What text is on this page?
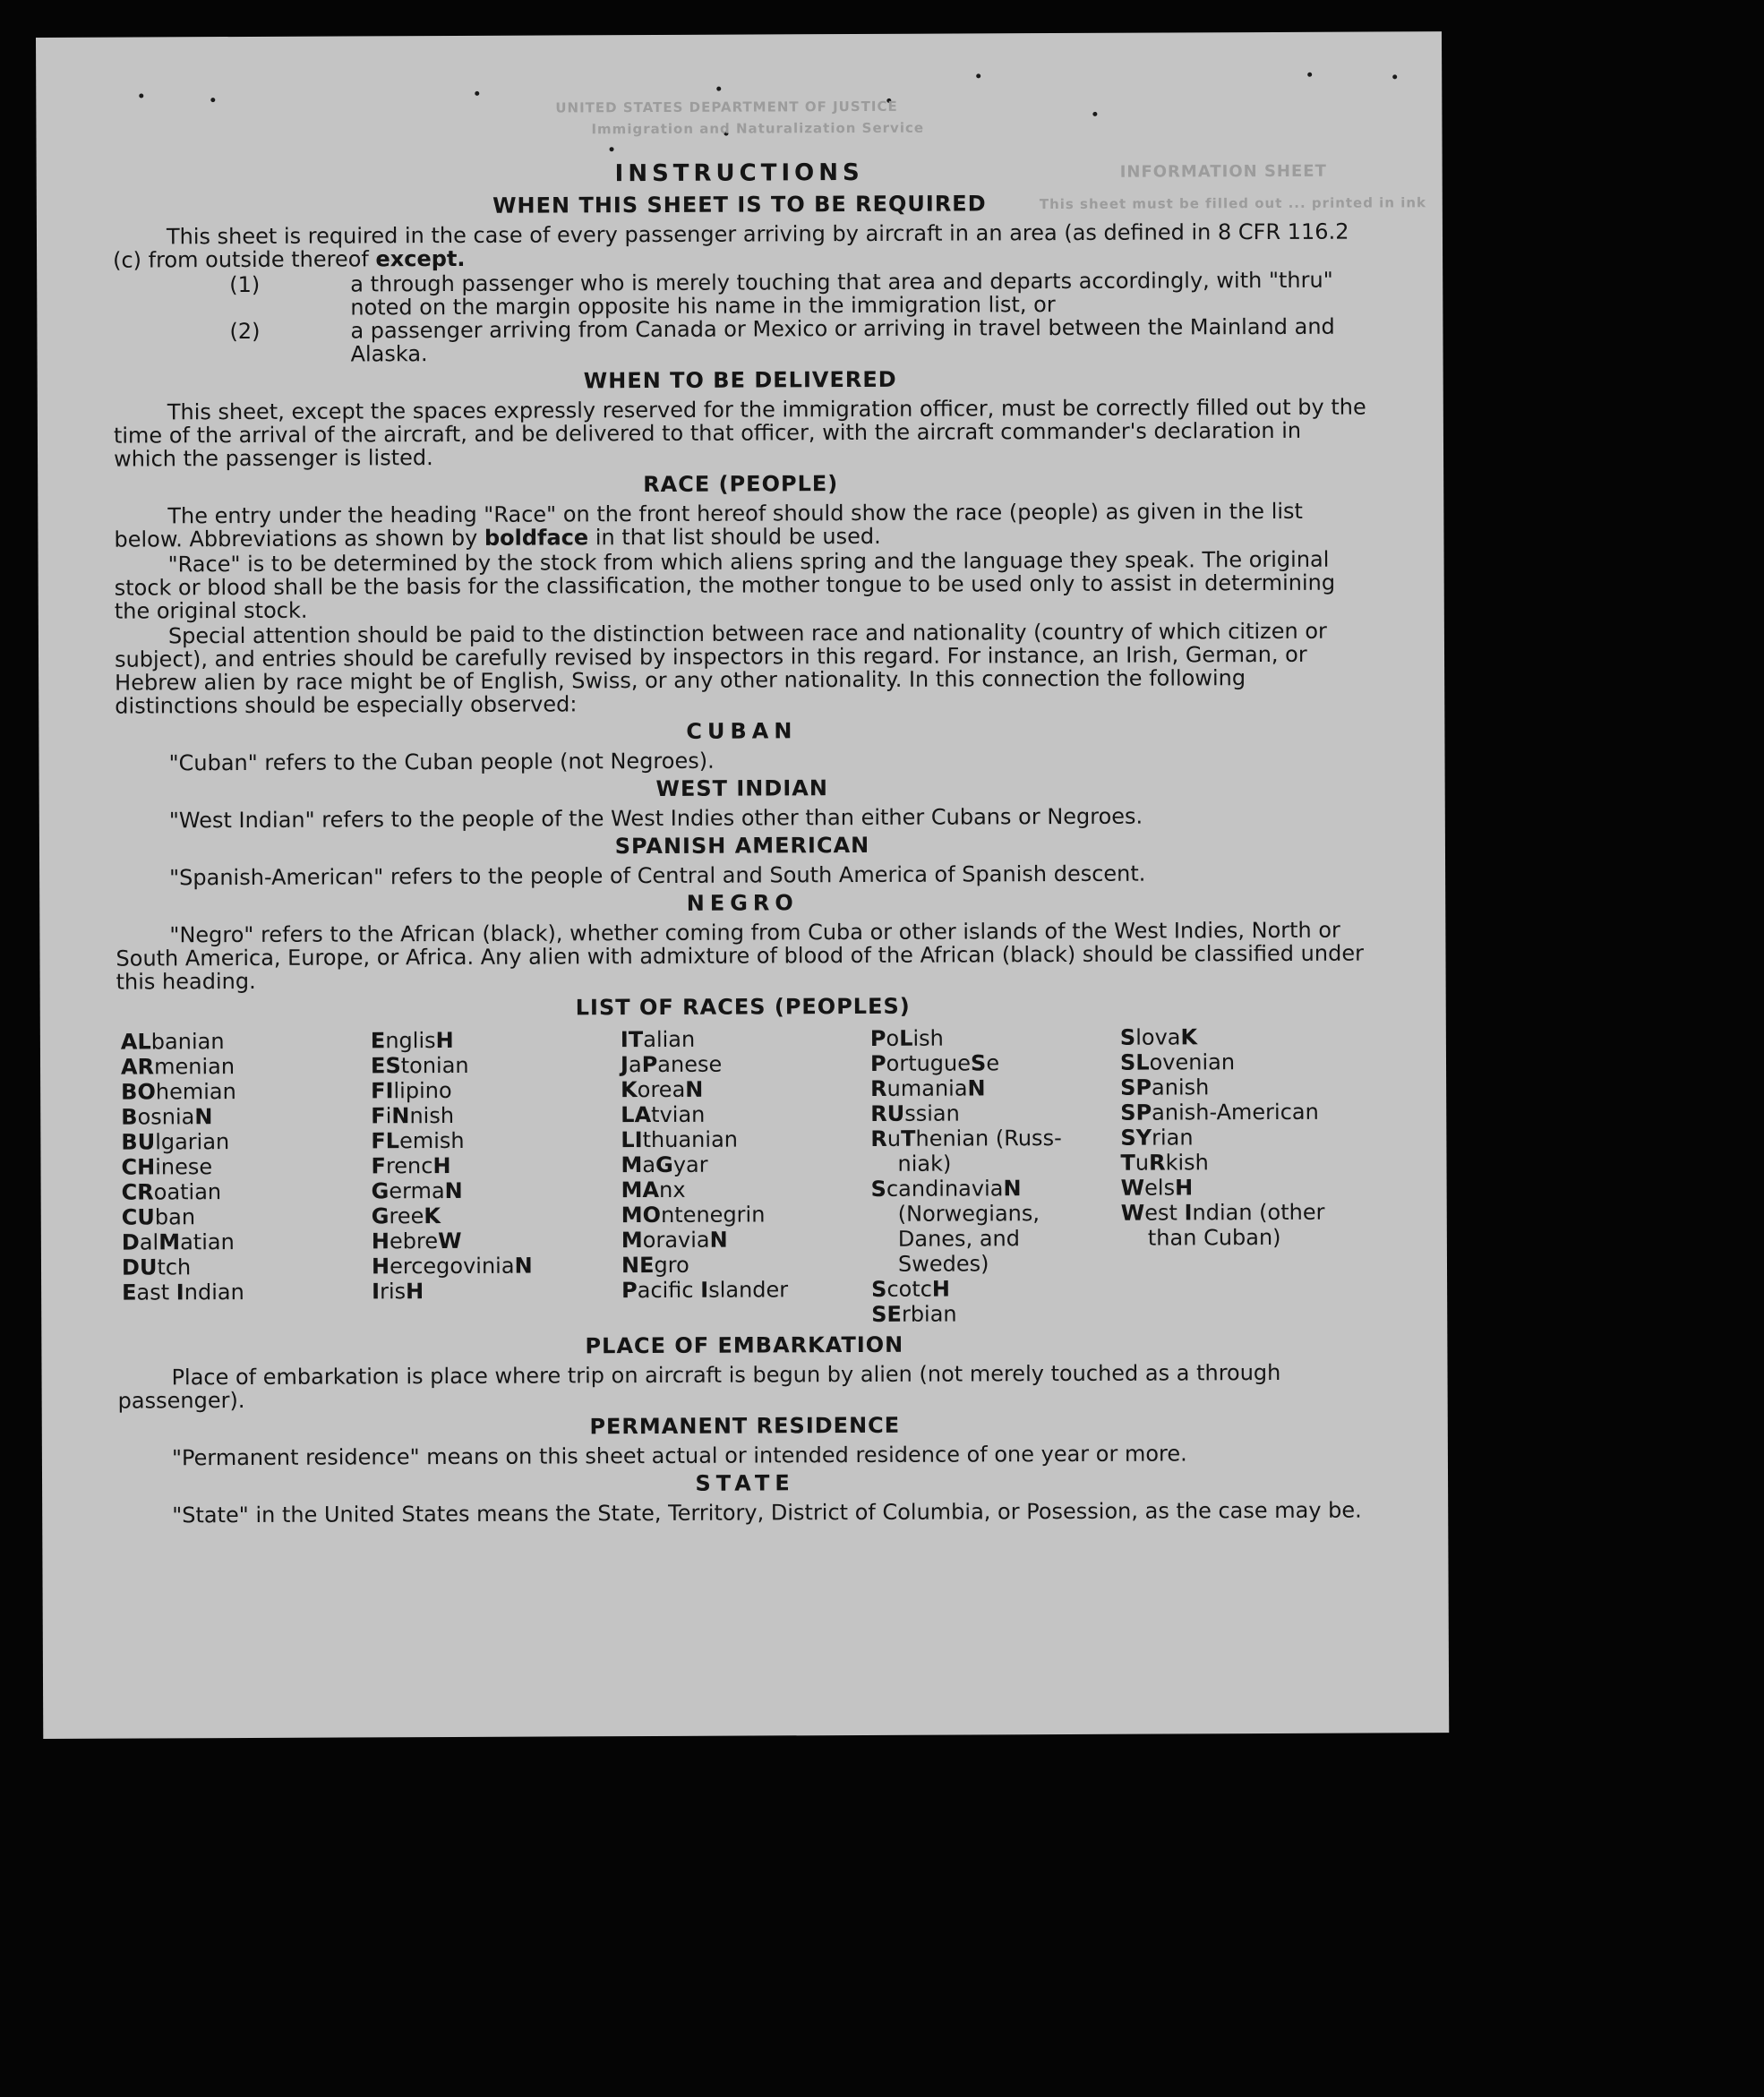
UNITED STATES DEPARTMENT OF JUSTICE
Immigration and Naturalization Service
INFORMATION SHEET
This sheet must be filled out ... printed in ink
INSTRUCTIONS
WHEN THIS SHEET IS TO BE REQUIRED

This sheet is required in the case of every passenger arriving by aircraft in an area (as defined in 8 CFR 116.2 (c) from outside thereof except.

(1)	a through passenger who is merely touching that area and departs accordingly, with "thru" noted on the margin opposite his name in the immigration list, or
(2)	a passenger arriving from Canada or Mexico or arriving in travel between the Mainland and Alaska.
WHEN TO BE DELIVERED

This sheet, except the spaces expressly reserved for the immigration officer, must be correctly filled out by the time of the arrival of the aircraft, and be delivered to that officer, with the aircraft commander's declaration in which the passenger is listed.

RACE (PEOPLE)

The entry under the heading "Race" on the front hereof should show the race (people) as given in the list below. Abbreviations as shown by boldface in that list should be used.

"Race" is to be determined by the stock from which aliens spring and the language they speak. The original stock or blood shall be the basis for the classification, the mother tongue to be used only to assist in determining the original stock.

Special attention should be paid to the distinction between race and nationality (country of which citizen or subject), and entries should be carefully revised by inspectors in this regard. For instance, an Irish, German, or Hebrew alien by race might be of English, Swiss, or any other nationality. In this connection the following distinctions should be especially observed:

CUBAN

"Cuban" refers to the Cuban people (not Negroes).

WEST INDIAN

"West Indian" refers to the people of the West Indies other than either Cubans or Negroes.

SPANISH AMERICAN

"Spanish-American" refers to the people of Central and South America of Spanish descent.

NEGRO

"Negro" refers to the African (black), whether coming from Cuba or other islands of the West Indies, North or South America, Europe, or Africa. Any alien with admixture of blood of the African (black) should be classified under this heading.

LIST OF RACES (PEOPLES)
ALbanian
ARmenian
BOhemian
BosniaN
BUlgarian
CHinese
CRoatian
CUban
DalMatian
DUtch
East Indian
EnglisH
EStonian
FIlipino
FiNnish
FLemish
FrencH
GermaN
GreeK
HebreW
HercegoviniaN
IrisH
ITalian
JaPanese
KoreaN
LAtvian
LIthuanian
MaGyar
MAnx
MOntenegrin
MoraviaN
NEgro
Pacific Islander
PoLish
PortugueSe
RumaniaN
RUssian
RuThenian (Russ-
niak)
ScandinaviaN
(Norwegians,
Danes, and
Swedes)
ScotcH
SErbian
SlovaK
SLovenian
SPanish
SPanish-American
SYrian
TuRkish
WelsH
West Indian (other
than Cuban)
PLACE OF EMBARKATION

Place of embarkation is place where trip on aircraft is begun by alien (not merely touched as a through passenger).

PERMANENT RESIDENCE

"Permanent residence" means on this sheet actual or intended residence of one year or more.

STATE

"State" in the United States means the State, Territory, District of Columbia, or Posession, as the case may be.
